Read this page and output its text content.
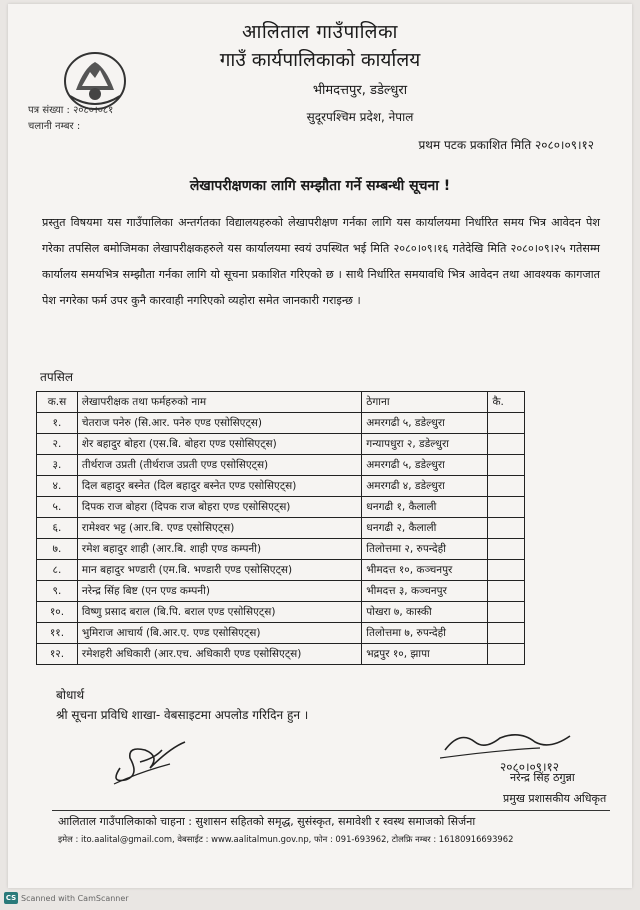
आलिताल गाउँपालिका
गाउँ कार्यपालिकाको कार्यालय
भीमदत्तपुर, डडेल्धुरा
सुदूरपश्चिम प्रदेश, नेपाल
पत्र संख्या : २०८०।०८१
चलानी नम्बर :
प्रथम पटक प्रकाशित मिति २०८०।०९।१२
लेखापरीक्षणका लागि सम्झौता गर्ने सम्बन्धी सूचना !
प्रस्तुत विषयमा यस गाउँपालिका अन्तर्गतका विद्यालयहरुको लेखापरीक्षण गर्नका लागि यस कार्यालयमा निर्धारित समय भित्र आवेदन पेश गरेका तपसिल बमोजिमका लेखापरीक्षकहरुले यस कार्यालयमा स्वयं उपस्थित भई मिति २०८०।०९।१६ गतेदेखि मिति २०८०।०९।२५ गतेसम्म कार्यालय समयभित्र सम्झौता गर्नका लागि यो सूचना प्रकाशित गरिएको छ । साथै निर्धारित समयावधि भित्र आवेदन तथा आवश्यक कागजात पेश नगरेका फर्म उपर कुनै कारवाही नगरिएको व्यहोरा समेत जानकारी गराइन्छ ।
तपसिल
क.स	लेखापरीक्षक तथा फर्महरुको नाम	ठेगाना	कै.
१.	चेतराज पनेरु (सि.आर. पनेरु एण्ड एसोसिएट्स)	अमरगढी ५, डडेल्धुरा	
२.	शेर बहादुर बोहरा (एस.बि. बोहरा एण्ड एसोसिएट्स)	गन्यापधुरा २, डडेल्धुरा	
३.	तीर्थराज उप्रती (तीर्थराज उप्रती एण्ड एसोसिएट्स)	अमरगढी ५, डडेल्धुरा	
४.	दिल बहादुर बस्नेत (दिल बहादुर बस्नेत एण्ड एसोसिएट्स)	अमरगढी ४, डडेल्धुरा	
५.	दिपक राज बोहरा (दिपक राज बोहरा एण्ड एसोसिएट्स)	धनगढी १, कैलाली	
६.	रामेश्वर भट्ट (आर.बि. एण्ड एसोसिएट्स)	धनगढी २, कैलाली	
७.	रमेश बहादुर शाही (आर.बि. शाही एण्ड कम्पनी)	तिलोत्तमा २, रुपन्देही	
८.	मान बहादुर भण्डारी (एम.बि. भण्डारी एण्ड एसोसिएट्स)	भीमदत्त १०, कञ्चनपुर	
९.	नरेन्द्र सिंह बिष्ट (एन एण्ड कम्पनी)	भीमदत्त ३, कञ्चनपुर	
१०.	विष्णु प्रसाद बराल (बि.पि. बराल एण्ड एसोसिएट्स)	पोखरा ७, कास्की	
११.	भुमिराज आचार्य (बि.आर.ए. एण्ड एसोसिएट्स)	तिलोत्तमा ७, रुपन्देही	
१२.	रमेशहरी अधिकारी (आर.एच. अधिकारी एण्ड एसोसिएट्स)	भद्रपुर १०, झापा	
बोधार्थ
श्री सूचना प्रविधि शाखा- वेबसाइटमा अपलोड गरिदिन हुन ।
२०८०।०९।१२
नरेन्द्र सिंह ठगुन्ना
प्रमुख प्रशासकीय अधिकृत
आलिताल गाउँपालिकाको चाहना : सुशासन सहितको समृद्ध, सुसंस्कृत, समावेशी र स्वस्थ समाजको सिर्जना
इमेल : ito.aalital@gmail.com, वेबसाईट : www.aalitalmun.gov.np, फोन : 091-693962, टोलफ्रि नम्बर : 16180916693962
CS Scanned with CamScanner
